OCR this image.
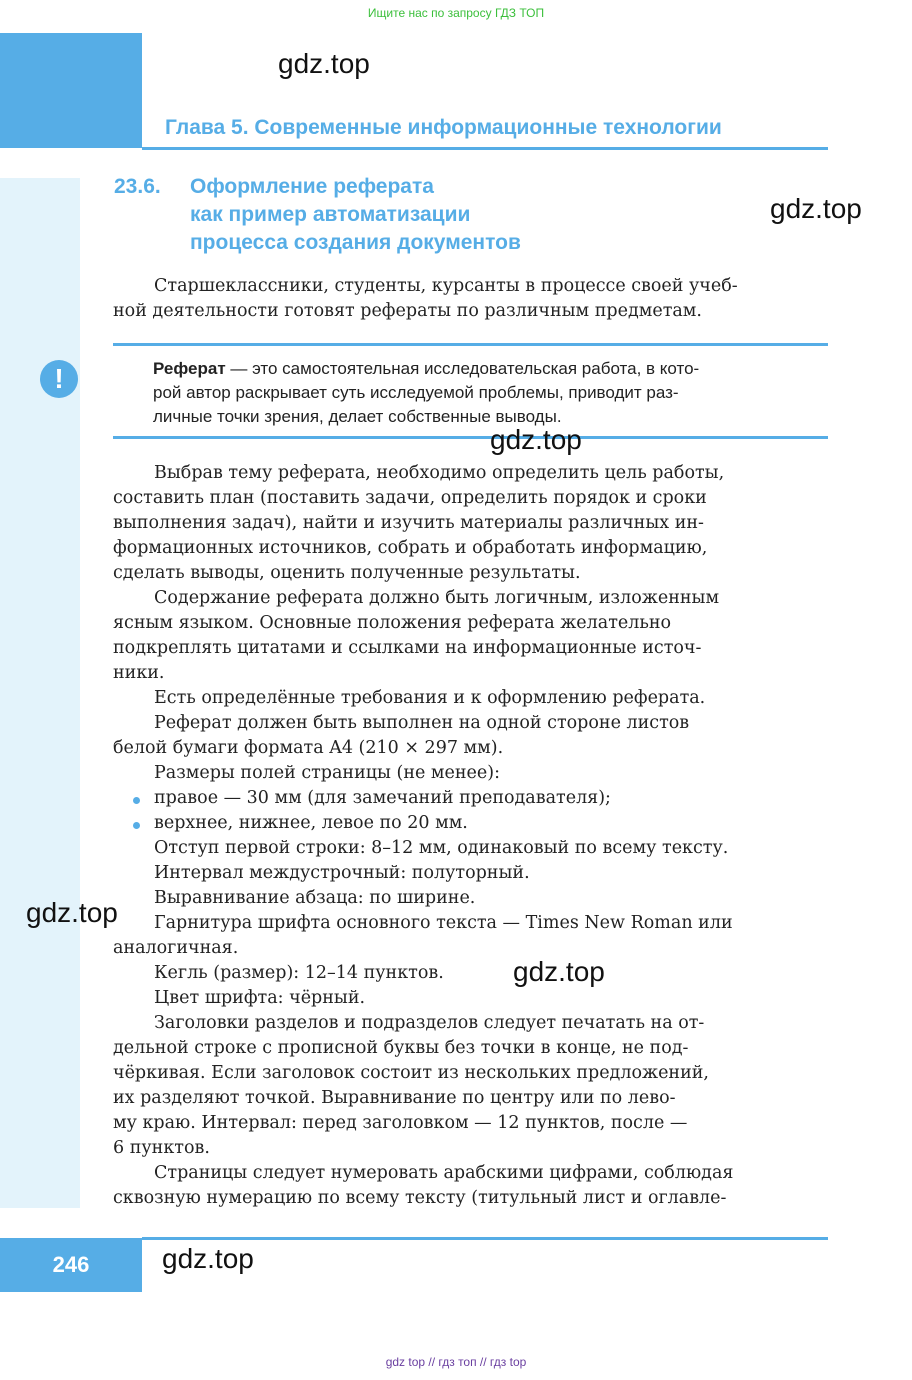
Ищите нас по запросу ГДЗ ТОП
gdz.top
Глава 5. Современные информационные технологии
23.6. Оформление реферата
как пример автоматизации
процесса создания документов
gdz.top

Старшеклассники, студенты, курсанты в процессе своей учеб-

ной деятельности готовят рефераты по различным предметам.

!	Реферат — это самостоятельная исследовательская работа, в кото-
рой автор раскрывает суть исследуемой проблемы, приводит раз-
личные точки зрения, делает собственные выводы.
gdz.top

Выбрав тему реферата, необходимо определить цель работы,

составить план (поставить задачи, определить порядок и сроки

выполнения задач), найти и изучить материалы различных ин-

формационных источников, собрать и обработать информацию,

сделать выводы, оценить полученные результаты.

Содержание реферата должно быть логичным, изложенным

ясным языком. Основные положения реферата желательно

подкреплять цитатами и ссылками на информационные источ-

ники.

Есть определённые требования и к оформлению реферата.

Реферат должен быть выполнен на одной стороне листов

белой бумаги формата A4 (210 × 297 мм).

Размеры полей страницы (не менее):

правое — 30 мм (для замечаний преподавателя);

верхнее, нижнее, левое по 20 мм.

Отступ первой строки: 8–12 мм, одинаковый по всему тексту.

Интервал междустрочный: полуторный.

Выравнивание абзаца: по ширине.

Гарнитура шрифта основного текста — Times New Roman или

аналогичная.

Кегль (размер): 12–14 пунктов.

Цвет шрифта: чёрный.

Заголовки разделов и подразделов следует печатать на от-

дельной строке с прописной буквы без точки в конце, не под-

чёркивая. Если заголовок состоит из нескольких предложений,

их разделяют точкой. Выравнивание по центру или по лево-

му краю. Интервал: перед заголовком — 12 пунктов, после —

6 пунктов.

Страницы следует нумеровать арабскими цифрами, соблюдая

сквозную нумерацию по всему тексту (титульный лист и оглавле-

gdz.top
gdz.top
246	gdz.top
gdz top // гдз топ // гдз top
